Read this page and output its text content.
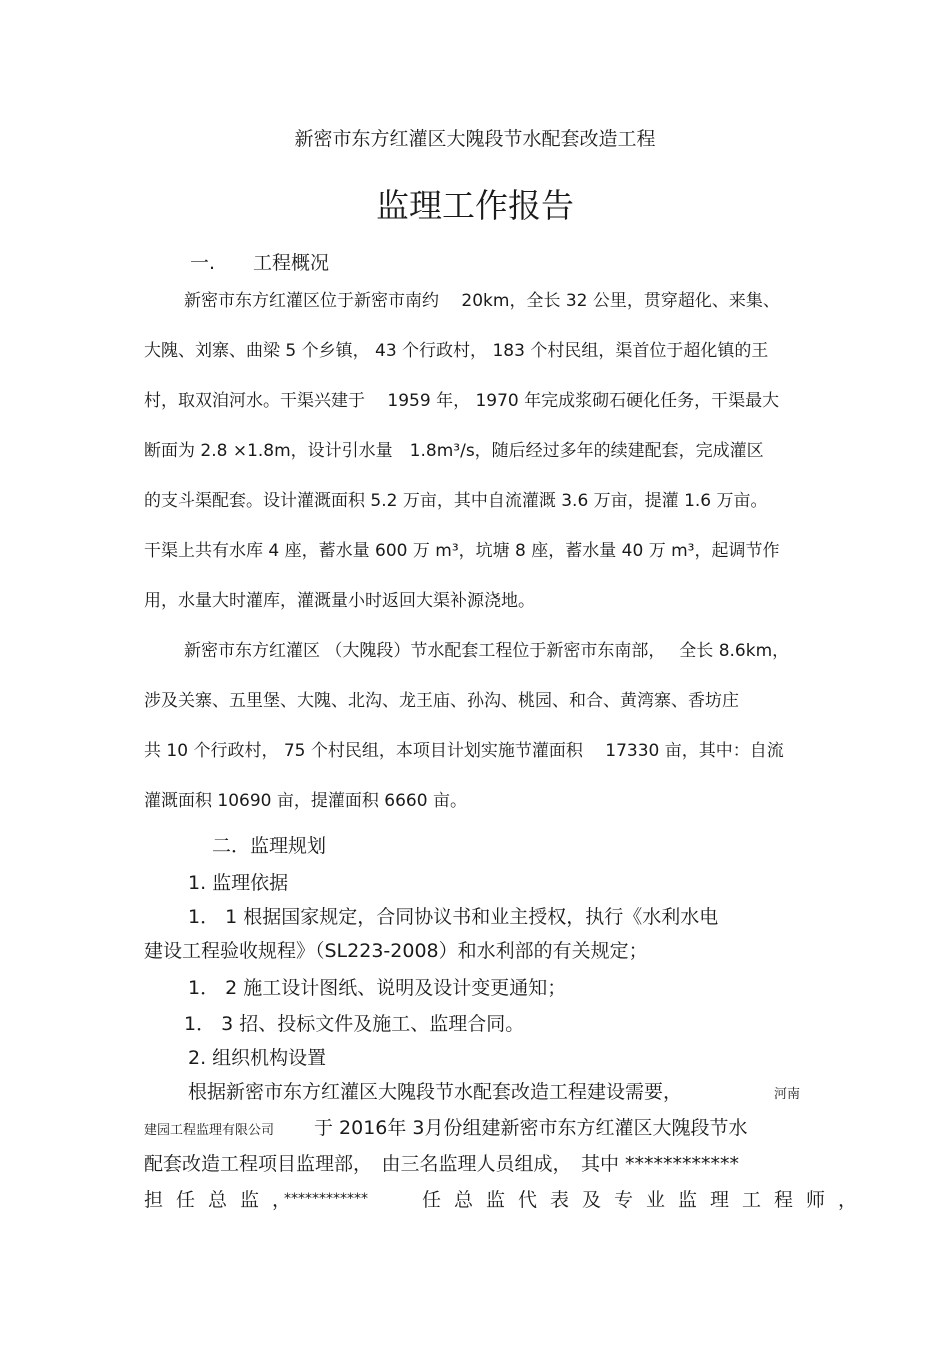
新密市东方红灌区大隗段节水配套改造工程
监理工作报告
一.　　工程概况
新密市东方红灌区位于新密市南约　 20km，全长 32 公里，贯穿超化、来集、
大隗、刘寨、曲梁 5 个乡镇， 43 个行政村， 183 个村民组，渠首位于超化镇的王
村，取双洎河水。干渠兴建于　 1959 年， 1970 年完成浆砌石硬化任务，干渠最大
断面为 2.8 ×1.8m，设计引水量　1.8m³/s，随后经过多年的续建配套，完成灌区
的支斗渠配套。设计灌溉面积 5.2 万亩，其中自流灌溉 3.6 万亩，提灌 1.6 万亩。
干渠上共有水库 4 座，蓄水量 600 万 m³，坑塘 8 座，蓄水量 40 万 m³，起调节作
用，水量大时灌库，灌溉量小时返回大渠补源浇地。
新密市东方红灌区 （大隗段）节水配套工程位于新密市东南部，　 全长 8.6km，
涉及关寨、五里堡、大隗、北沟、龙王庙、孙沟、桃园、和合、黄湾寨、香坊庄
共 10 个行政村， 75 个村民组，本项目计划实施节灌面积　 17330 亩，其中：自流
灌溉面积 10690 亩，提灌面积 6660 亩。
二．监理规划
1. 监理依据
1． 1 根据国家规定，合同协议书和业主授权，执行《水利水电
建设工程验收规程》（SL223-2008）和水利部的有关规定；
1． 2 施工设计图纸、说明及设计变更通知；
1． 3 招、投标文件及施工、监理合同。
2. 组织机构设置
根据新密市东方红灌区大隗段节水配套改造工程建设需要，	河南
建园工程监理有限公司 于 2016年 3月份组建新密市东方红灌区大隗段节水
配套改造工程项目监理部，　由三名监理人员组成，　其中 ************
担任总监，
************	任总监代表及专业监理工程师，
